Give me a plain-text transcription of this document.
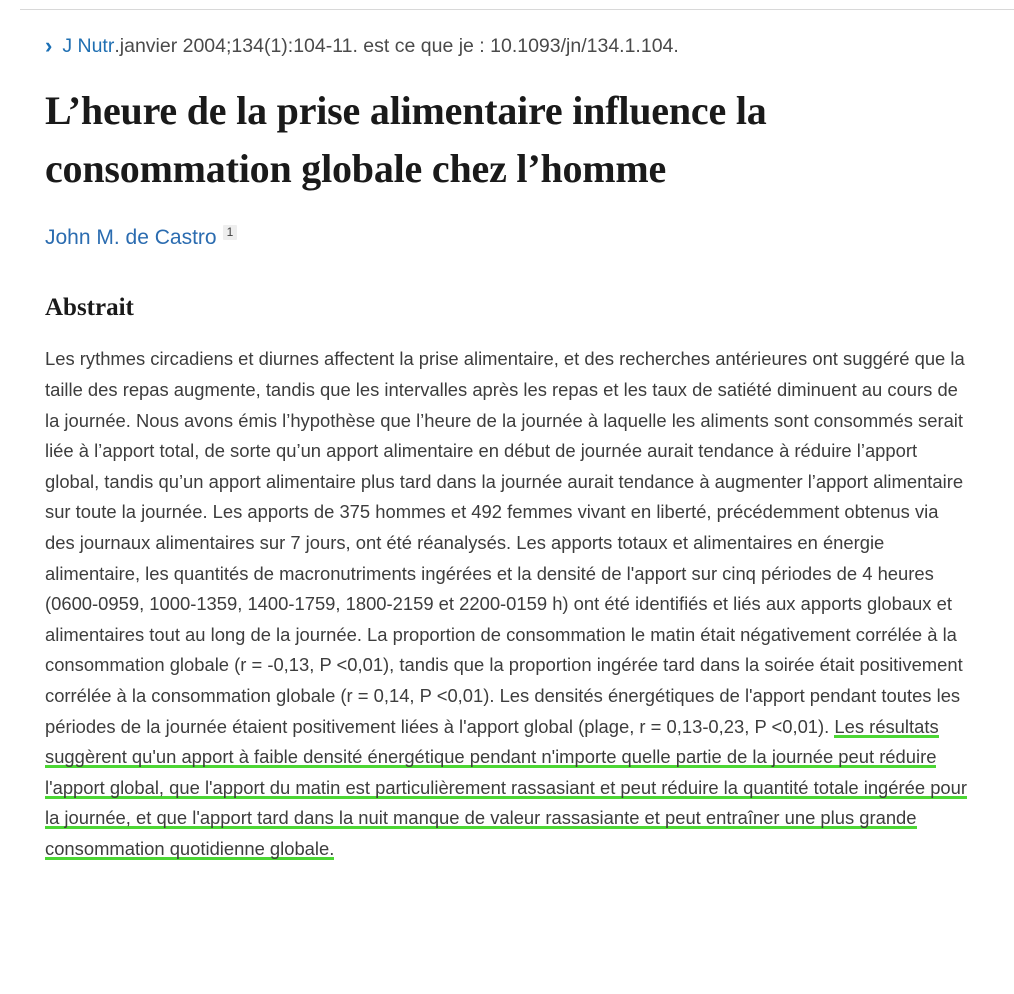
› J Nutr .janvier 2004;134(1):104-11. est ce que je : 10.1093/jn/134.1.104.
L’heure de la prise alimentaire influence la consommation globale chez l’homme
John M. de Castro 1
Abstrait

Les rythmes circadiens et diurnes affectent la prise alimentaire, et des recherches antérieures ont suggéré que la taille des repas augmente, tandis que les intervalles après les repas et les taux de satiété diminuent au cours de la journée. Nous avons émis l’hypothèse que l’heure de la journée à laquelle les aliments sont consommés serait liée à l’apport total, de sorte qu’un apport alimentaire en début de journée aurait tendance à réduire l’apport global, tandis qu’un apport alimentaire plus tard dans la journée aurait tendance à augmenter l’apport alimentaire sur toute la journée. Les apports de 375 hommes et 492 femmes vivant en liberté, précédemment obtenus via des journaux alimentaires sur 7 jours, ont été réanalysés. Les apports totaux et alimentaires en énergie alimentaire, les quantités de macronutriments ingérées et la densité de l'apport sur cinq périodes de 4 heures (0600-0959, 1000-1359, 1400-1759, 1800-2159 et 2200-0159 h) ont été identifiés et liés aux apports globaux et alimentaires tout au long de la journée. La proportion de consommation le matin était négativement corrélée à la consommation globale (r = -0,13, P <0,01), tandis que la proportion ingérée tard dans la soirée était positivement corrélée à la consommation globale (r = 0,14, P <0,01). Les densités énergétiques de l'apport pendant toutes les périodes de la journée étaient positivement liées à l'apport global (plage, r = 0,13-0,23, P <0,01). Les résultats suggèrent qu'un apport à faible densité énergétique pendant n'importe quelle partie de la journée peut réduire l'apport global, que l'apport du matin est particulièrement rassasiant et peut réduire la quantité totale ingérée pour la journée, et que l'apport tard dans la nuit manque de valeur rassasiante et peut entraîner une plus grande consommation quotidienne globale.
